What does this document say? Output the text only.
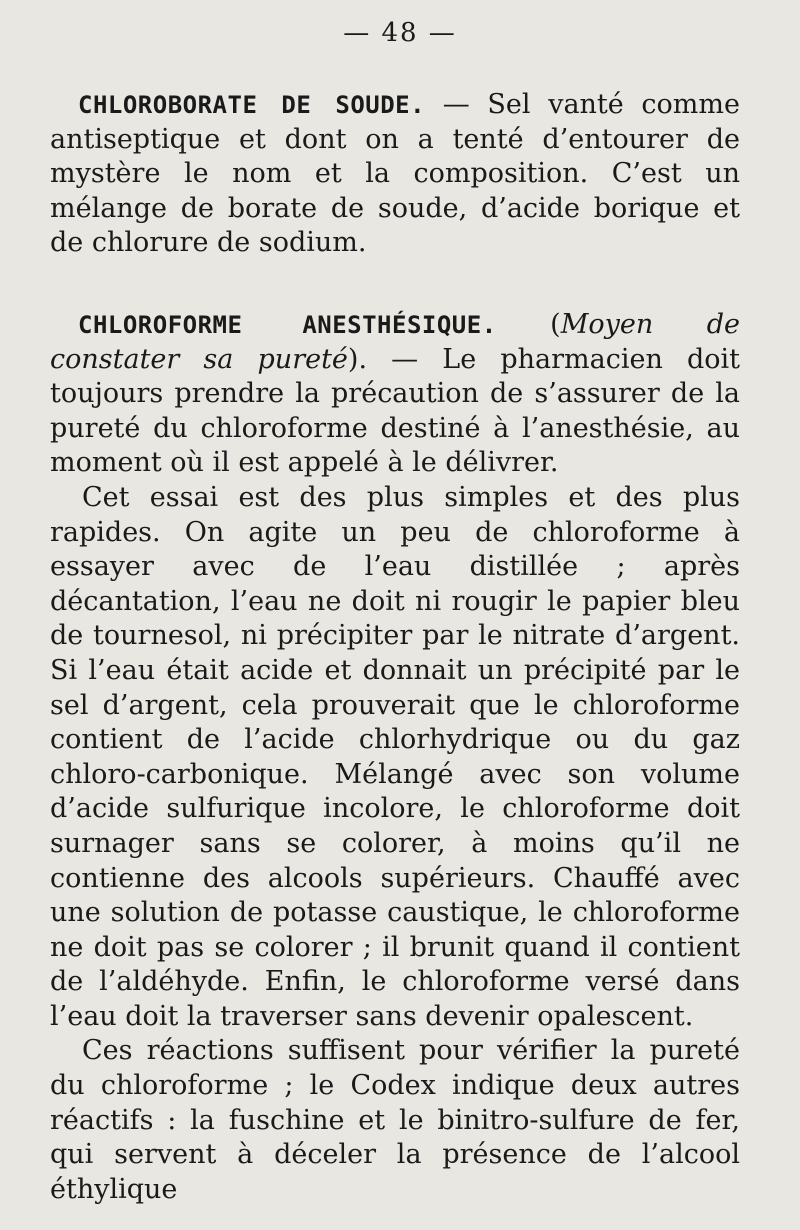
— 48 —

CHLOROBORATE DE SOUDE. — Sel vanté comme antiseptique et dont on a tenté d’entourer de mystère le nom et la composition. C’est un mélange de borate de soude, d’acide borique et de chlorure de sodium.

CHLOROFORME ANESTHÉSIQUE. (Moyen de constater sa pureté). — Le pharmacien doit toujours prendre la précaution de s’assurer de la pureté du chloroforme destiné à l’anesthésie, au moment où il est appelé à le délivrer.

Cet essai est des plus simples et des plus rapides. On agite un peu de chloroforme à essayer avec de l’eau distillée ; après décantation, l’eau ne doit ni rougir le papier bleu de tournesol, ni précipiter par le nitrate d’argent. Si l’eau était acide et donnait un précipité par le sel d’argent, cela prouverait que le chloroforme contient de l’acide chlorhydrique ou du gaz chloro-carbonique. Mélangé avec son volume d’acide sulfurique incolore, le chloroforme doit surnager sans se colorer, à moins qu’il ne contienne des alcools supérieurs. Chauffé avec une solution de potasse caustique, le chloroforme ne doit pas se colorer ; il brunit quand il contient de l’aldéhyde. Enfin, le chloroforme versé dans l’eau doit la traverser sans devenir opalescent.

Ces réactions suffisent pour vérifier la pureté du chloroforme ; le Codex indique deux autres réactifs : la fuschine et le binitro-sulfure de fer, qui servent à déceler la présence de l’alcool éthylique
